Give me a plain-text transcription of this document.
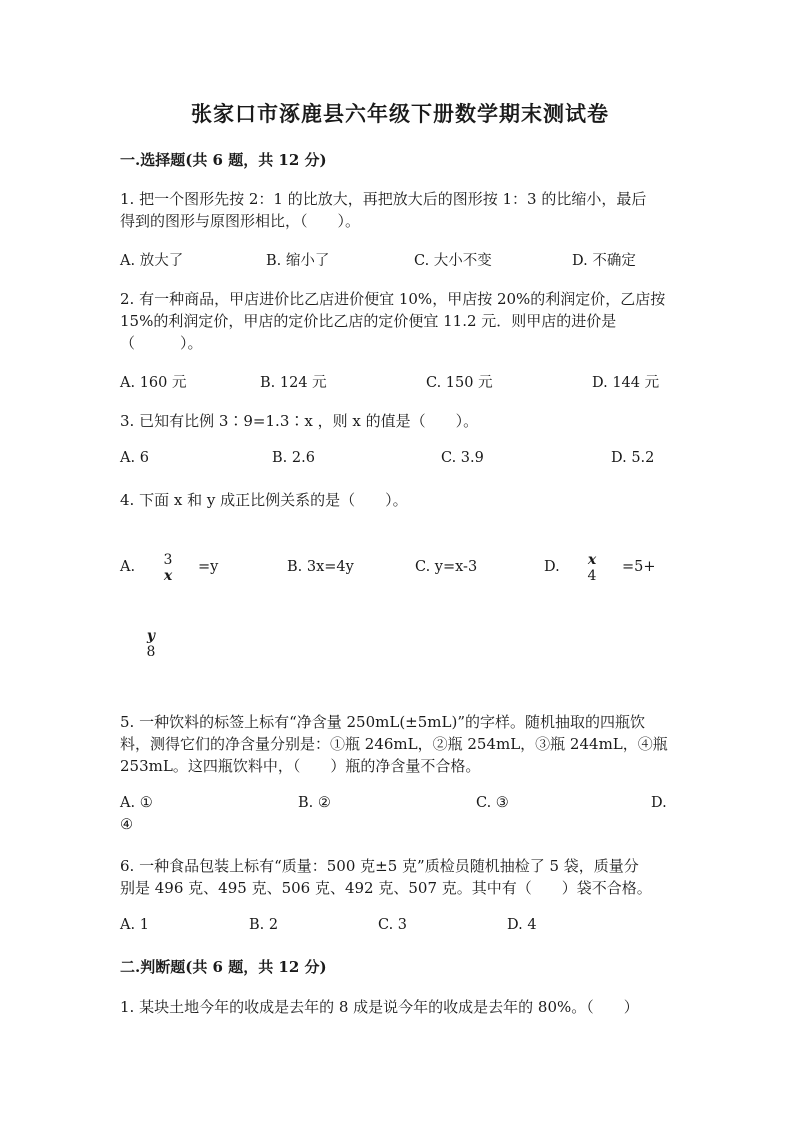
张家口市涿鹿县六年级下册数学期末测试卷
一.选择题(共 6 题，共 12 分)
1. 把一个图形先按 2：1 的比放大，再把放大后的图形按 1：3 的比缩小，最后
得到的图形与原图形相比，（　　）。
A. 放大了	B. 缩小了	C. 大小不变	D. 不确定
2. 有一种商品，甲店进价比乙店进价便宜 10%，甲店按 20%的利润定价，乙店按
15%的利润定价，甲店的定价比乙店的定价便宜 11.2 元．则甲店的进价是
（　　　）。
A. 160 元	B. 124 元	C. 150 元	D. 144 元
3. 已知有比例 3∶9=1.3∶x ，则 x 的值是（　　）。
A. 6	B. 2.6	C. 3.9	D. 5.2
4. 下面 x 和 y 成正比例关系的是（　　）。
A. 3
x
=y	B. 3x=4y	C. y=x-3	D. x
4
=5+
y
8
5. 一种饮料的标签上标有“净含量 250mL(±5mL)”的字样。随机抽取的四瓶饮
料，测得它们的净含量分别是：①瓶 246mL，②瓶 254mL，③瓶 244mL，④瓶
253mL。这四瓶饮料中，（　　）瓶的净含量不合格。
A. ①	B. ②	C. ③	D.
④
6. 一种食品包装上标有“质量：500 克±5 克”质检员随机抽检了 5 袋，质量分
别是 496 克、495 克、506 克、492 克、507 克。其中有（　　）袋不合格。
A. 1	B. 2	C. 3	D. 4
二.判断题(共 6 题，共 12 分)
1. 某块土地今年的收成是去年的 8 成是说今年的收成是去年的 80%。（　　）
